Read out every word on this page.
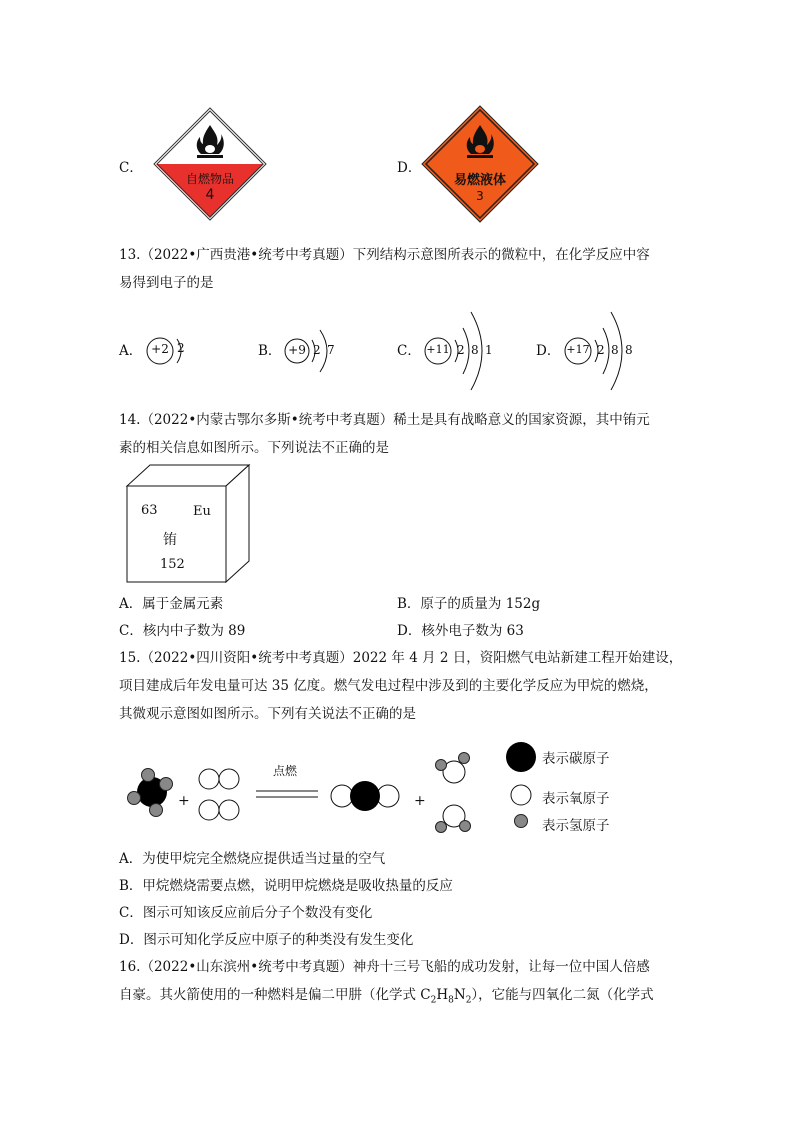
C．
自燃物品
4
D．
易燃液体
3
13.（2022•广西贵港•统考中考真题）下列结构示意图所表示的微粒中，在化学反应中容
易得到电子的是
A． +2 2	B． +9 2 7	C． +11 2 8 1	D． +17 2 8 8
14.（2022•内蒙古鄂尔多斯•统考中考真题）稀土是具有战略意义的国家资源，其中铕元
素的相关信息如图所示。下列说法不正确的是
63	Eu
铕
152
A．属于金属元素	B．原子的质量为 152g
C．核内中子数为 89	D．核外电子数为 63
15.（2022•四川资阳•统考中考真题）2022 年 4 月 2 日，资阳燃气电站新建工程开始建设，
项目建成后年发电量可达 35 亿度。燃气发电过程中涉及到的主要化学反应为甲烷的燃烧，
其微观示意图如图所示。下列有关说法不正确的是
+
点燃
+
表示碳原子
表示氧原子
表示氢原子
A．为使甲烷完全燃烧应提供适当过量的空气
B．甲烷燃烧需要点燃，说明甲烷燃烧是吸收热量的反应
C．图示可知该反应前后分子个数没有变化
D．图示可知化学反应中原子的种类没有发生变化
16.（2022•山东滨州•统考中考真题）神舟十三号飞船的成功发射，让每一位中国人倍感
自豪。其火箭使用的一种燃料是偏二甲肼（化学式 $C_2H_8N_2$），它能与四氧化二氮（化学式
